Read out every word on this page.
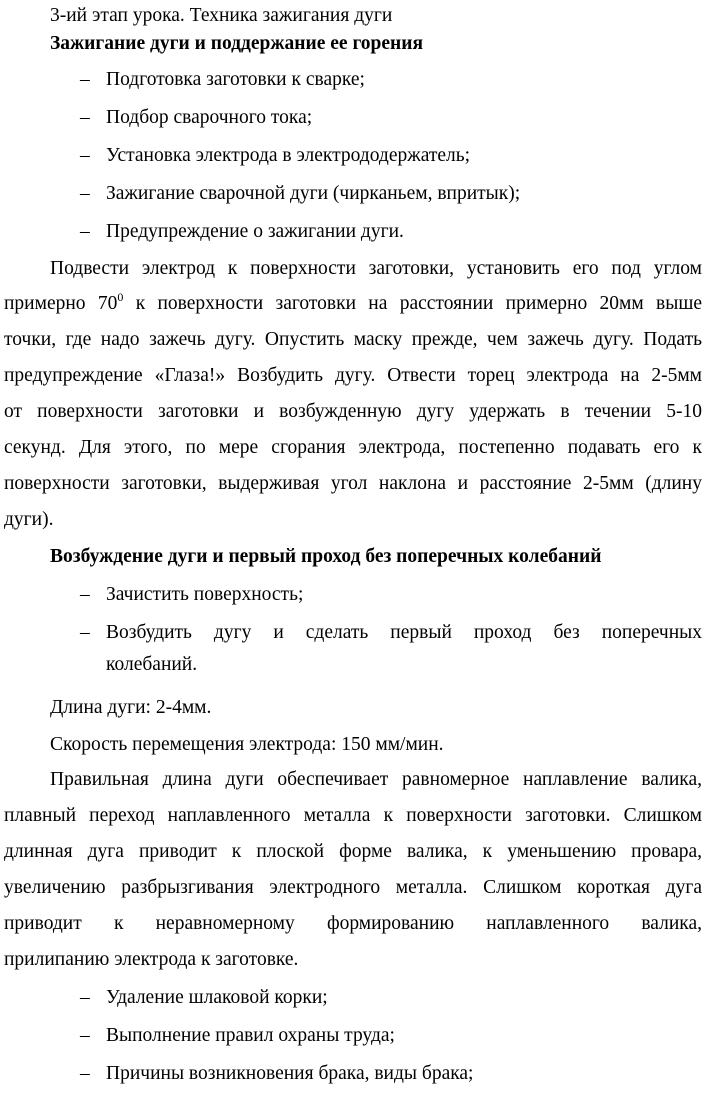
3-ий этап урока. Техника зажигания дуги
Зажигание дуги и поддержание ее горения
– Подготовка заготовки к сварке;
– Подбор сварочного тока;
– Установка электрода в электрододержатель;
– Зажигание сварочной дуги (чирканьем, впритык);
– Предупреждение о зажигании дуги.
Подвести электрод к поверхности заготовки, установить его под углом
примерно $70^0$ к поверхности заготовки на расстоянии примерно 20мм выше
точки, где надо зажечь дугу. Опустить маску прежде, чем зажечь дугу. Подать
предупреждение «Глаза!» Возбудить дугу. Отвести торец электрода на 2-5мм
от поверхности заготовки и возбужденную дугу удержать в течении 5-10
секунд. Для этого, по мере сгорания электрода, постепенно подавать его к
поверхности заготовки, выдерживая угол наклона и расстояние 2-5мм (длину
дуги).
Возбуждение дуги и первый проход без поперечных колебаний
– Зачистить поверхность;
– Возбудить дугу и сделать первый проход без поперечных
колебаний.
Длина дуги: 2-4мм.
Скорость перемещения электрода: 150 мм/мин.
Правильная длина дуги обеспечивает равномерное наплавление валика,
плавный переход наплавленного металла к поверхности заготовки. Слишком
длинная дуга приводит к плоской форме валика, к уменьшению провара,
увеличению разбрызгивания электродного металла. Слишком короткая дуга
приводит к неравномерному формированию наплавленного валика,
прилипанию электрода к заготовке.
– Удаление шлаковой корки;
– Выполнение правил охраны труда;
– Причины возникновения брака, виды брака;
